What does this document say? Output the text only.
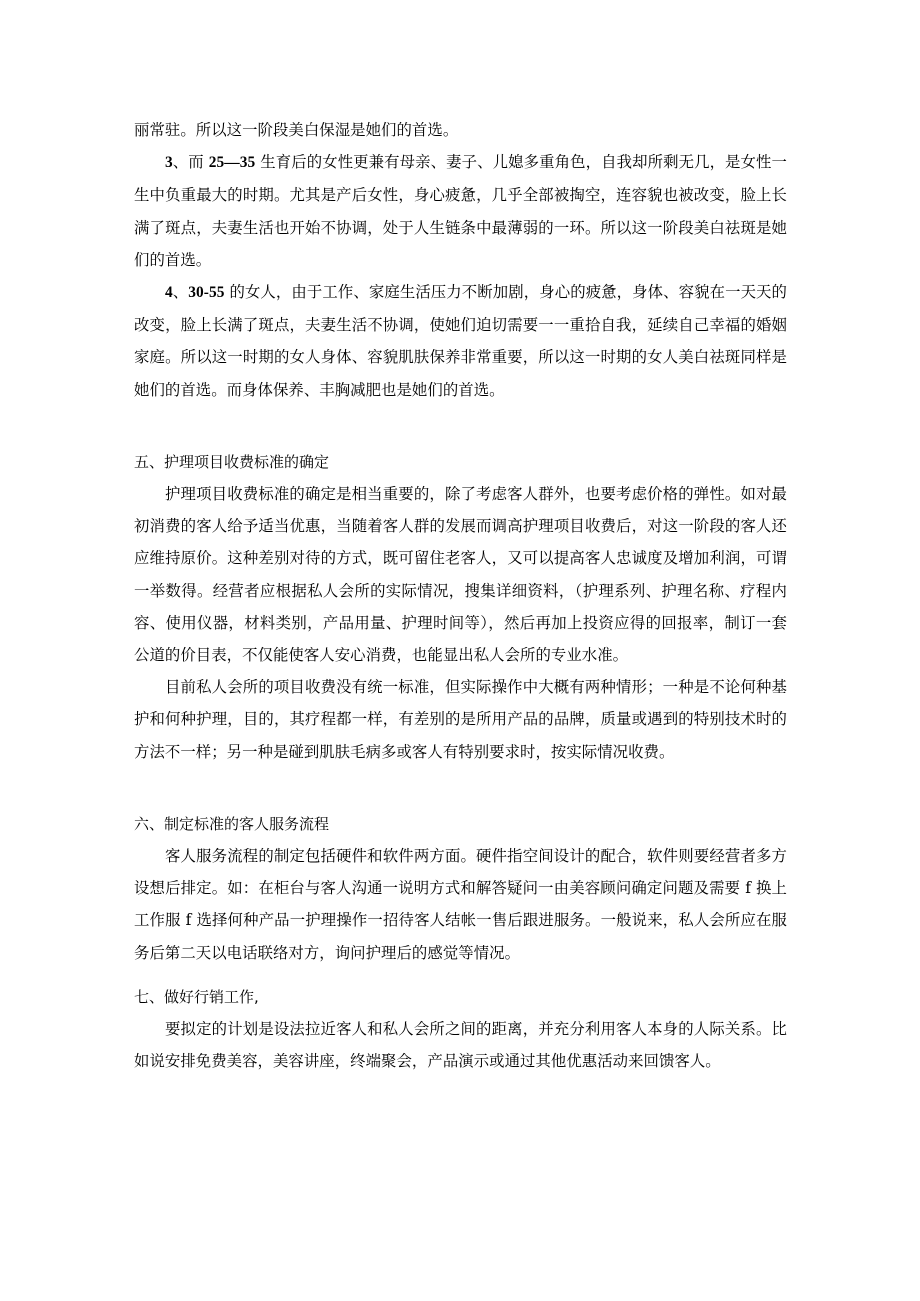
丽常驻。所以这一阶段美白保湿是她们的首选。

3、而 25—35 生育后的女性更兼有母亲、妻子、儿媳多重角色，自我却所剩无几，是女性一生中负重最大的时期。尤其是产后女性，身心疲惫，几乎全部被掏空，连容貌也被改变，脸上长满了斑点，夫妻生活也开始不协调，处于人生链条中最薄弱的一环。所以这一阶段美白祛斑是她们的首选。

4、30-55 的女人，由于工作、家庭生活压力不断加剧，身心的疲惫，身体、容貌在一天天的改变，脸上长满了斑点，夫妻生活不协调，使她们迫切需要一一重拾自我，延续自己幸福的婚姻家庭。所以这一时期的女人身体、容貌肌肤保养非常重要，所以这一时期的女人美白祛斑同样是她们的首选。而身体保养、丰胸减肥也是她们的首选。

五、护理项目收费标准的确定

护理项目收费标准的确定是相当重要的，除了考虑客人群外，也要考虑价格的弹性。如对最初消费的客人给予适当优惠，当随着客人群的发展而调高护理项目收费后，对这一阶段的客人还应维持原价。这种差别对待的方式，既可留住老客人，又可以提高客人忠诚度及增加利润，可谓一举数得。经营者应根据私人会所的实际情况，搜集详细资料，（护理系列、护理名称、疗程内容、使用仪器，材料类别，产品用量、护理时间等），然后再加上投资应得的回报率，制订一套公道的价目表，不仅能使客人安心消费，也能显出私人会所的专业水准。

目前私人会所的项目收费没有统一标准，但实际操作中大概有两种情形；一种是不论何种基护和何种护理，目的，其疗程都一样，有差别的是所用产品的品牌，质量或遇到的特别技术时的方法不一样；另一种是碰到肌肤毛病多或客人有特别要求时，按实际情况收费。

六、制定标准的客人服务流程

客人服务流程的制定包括硬件和软件两方面。硬件指空间设计的配合，软件则要经营者多方设想后排定。如：在柜台与客人沟通一说明方式和解答疑问一由美容顾问确定问题及需要 f 换上工作服 f 选择何种产品一护理操作一招待客人结帐一售后跟进服务。一般说来，私人会所应在服务后第二天以电话联络对方，询问护理后的感觉等情况。

七、做好行销工作,

要拟定的计划是设法拉近客人和私人会所之间的距离，并充分利用客人本身的人际关系。比如说安排免费美容，美容讲座，终端聚会，产品演示或通过其他优惠活动来回馈客人。
